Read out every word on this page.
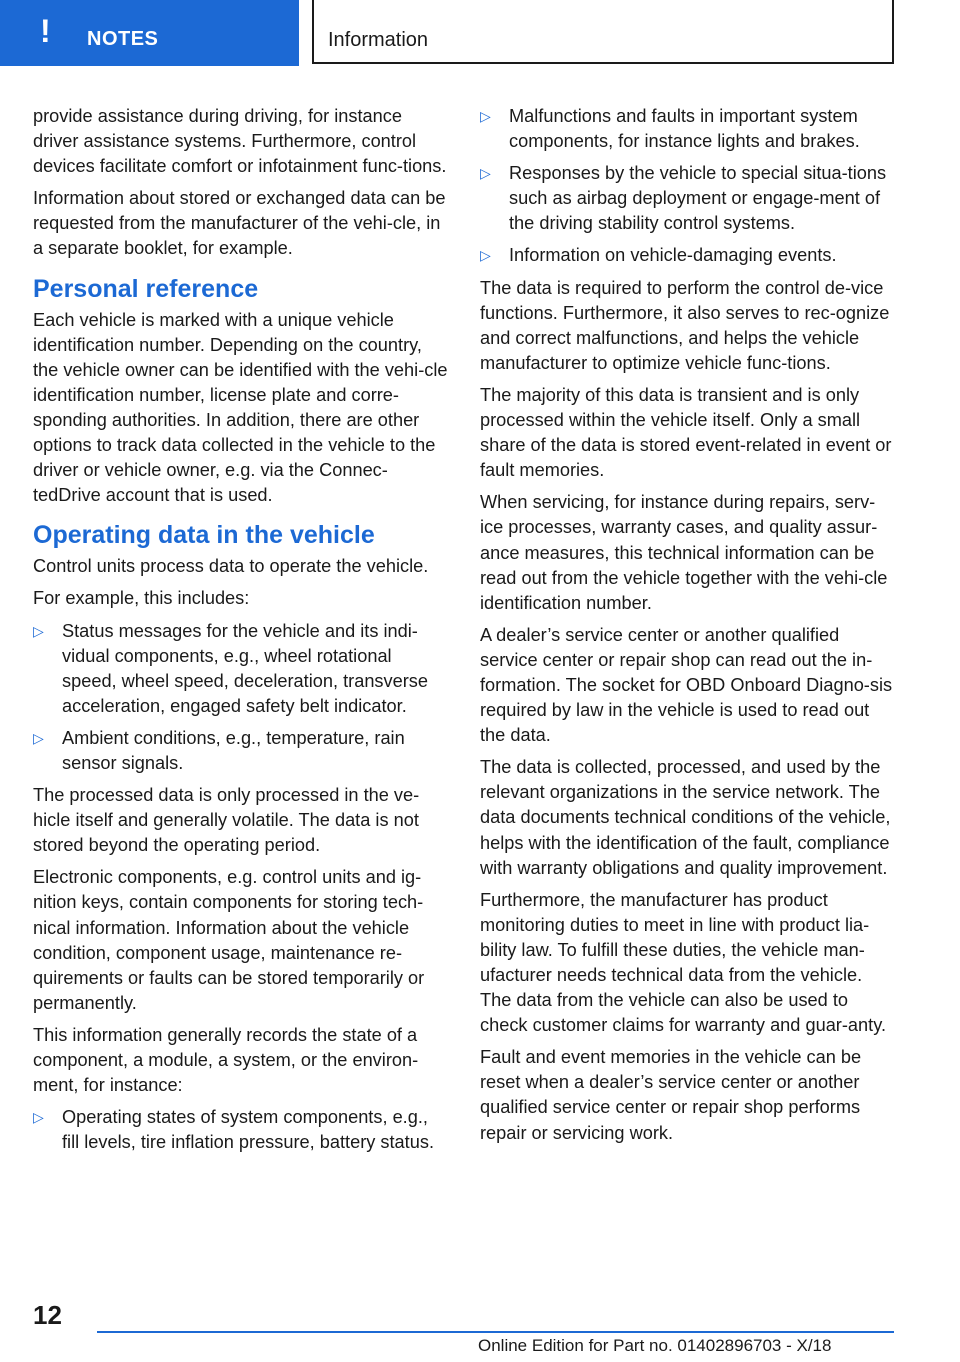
! NOTES	Information

provide assistance during driving, for instance driver assistance systems. Furthermore, control devices facilitate comfort or infotainment func-tions.

Information about stored or exchanged data can be requested from the manufacturer of the vehi-cle, in a separate booklet, for example.

Personal reference

Each vehicle is marked with a unique vehicle identification number. Depending on the country, the vehicle owner can be identified with the vehi-cle identification number, license plate and corre-sponding authorities. In addition, there are other options to track data collected in the vehicle to the driver or vehicle owner, e.g. via the Connec-tedDrive account that is used.

Operating data in the vehicle

Control units process data to operate the vehicle.

For example, this includes:

▷ Status messages for the vehicle and its indi-vidual components, e.g., wheel rotational speed, wheel speed, deceleration, transverse acceleration, engaged safety belt indicator.
▷ Ambient conditions, e.g., temperature, rain sensor signals.

The processed data is only processed in the ve-hicle itself and generally volatile. The data is not stored beyond the operating period.

Electronic components, e.g. control units and ig-nition keys, contain components for storing tech-nical information. Information about the vehicle condition, component usage, maintenance re-quirements or faults can be stored temporarily or permanently.

This information generally records the state of a component, a module, a system, or the environ-ment, for instance:

▷ Operating states of system components, e.g., fill levels, tire inflation pressure, battery status.
▷ Malfunctions and faults in important system components, for instance lights and brakes.
▷ Responses by the vehicle to special situa-tions such as airbag deployment or engage-ment of the driving stability control systems.
▷ Information on vehicle-damaging events.

The data is required to perform the control de-vice functions. Furthermore, it also serves to rec-ognize and correct malfunctions, and helps the vehicle manufacturer to optimize vehicle func-tions.

The majority of this data is transient and is only processed within the vehicle itself. Only a small share of the data is stored event-related in event or fault memories.

When servicing, for instance during repairs, serv-ice processes, warranty cases, and quality assur-ance measures, this technical information can be read out from the vehicle together with the vehi-cle identification number.

A dealer’s service center or another qualified service center or repair shop can read out the in-formation. The socket for OBD Onboard Diagno-sis required by law in the vehicle is used to read out the data.

The data is collected, processed, and used by the relevant organizations in the service network. The data documents technical conditions of the vehicle, helps with the identification of the fault, compliance with warranty obligations and quality improvement.

Furthermore, the manufacturer has product monitoring duties to meet in line with product lia-bility law. To fulfill these duties, the vehicle man-ufacturer needs technical data from the vehicle. The data from the vehicle can also be used to check customer claims for warranty and guar-anty.

Fault and event memories in the vehicle can be reset when a dealer’s service center or another qualified service center or repair shop performs repair or servicing work.

12
Online Edition for Part no. 01402896703 - X/18
